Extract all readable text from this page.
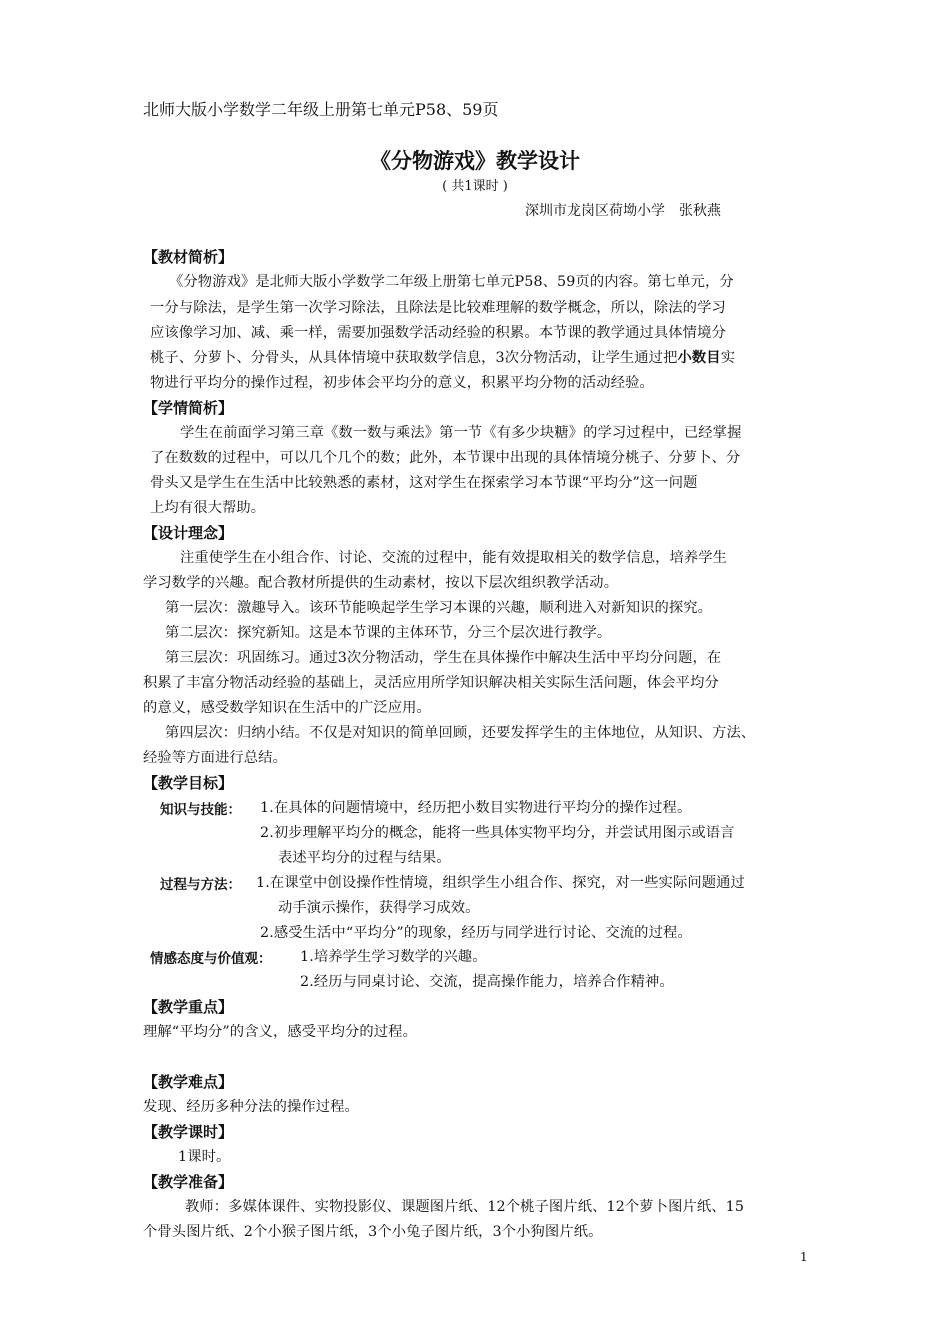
北师大版小学数学二年级上册第七单元P58、59页
《分物游戏》教学设计
( 共1课时 )
深圳市龙岗区荷坳小学　张秋燕
【教材简析】
《分物游戏》是北师大版小学数学二年级上册第七单元P58、59页的内容。第七单元，分
一分与除法，是学生第一次学习除法，且除法是比较难理解的数学概念，所以，除法的学习
应该像学习加、减、乘一样，需要加强数学活动经验的积累。本节课的教学通过具体情境分
桃子、分萝卜、分骨头，从具体情境中获取数学信息，3次分物活动，让学生通过把小数目实
物进行平均分的操作过程，初步体会平均分的意义，积累平均分物的活动经验。
【学情简析】
学生在前面学习第三章《数一数与乘法》第一节《有多少块糖》的学习过程中，已经掌握
了在数数的过程中，可以几个几个的数；此外，本节课中出现的具体情境分桃子、分萝卜、分
骨头又是学生在生活中比较熟悉的素材，这对学生在探索学习本节课“平均分”这一问题
上均有很大帮助。
【设计理念】
注重使学生在小组合作、讨论、交流的过程中，能有效提取相关的数学信息，培养学生
学习数学的兴趣。配合教材所提供的生动素材，按以下层次组织教学活动。
第一层次：激趣导入。该环节能唤起学生学习本课的兴趣，顺利进入对新知识的探究。
第二层次：探究新知。这是本节课的主体环节，分三个层次进行教学。
第三层次：巩固练习。通过3次分物活动，学生在具体操作中解决生活中平均分问题，在
积累了丰富分物活动经验的基础上，灵活应用所学知识解决相关实际生活问题，体会平均分
的意义，感受数学知识在生活中的广泛应用。
第四层次：归纳小结。不仅是对知识的简单回顾，还要发挥学生的主体地位，从知识、方法、
经验等方面进行总结。
【教学目标】
知识与技能： 1.在具体的问题情境中，经历把小数目实物进行平均分的操作过程。
2.初步理解平均分的概念，能将一些具体实物平均分，并尝试用图示或语言
表述平均分的过程与结果。
过程与方法： 1.在课堂中创设操作性情境，组织学生小组合作、探究，对一些实际问题通过
动手演示操作，获得学习成效。
2.感受生活中“平均分”的现象，经历与同学进行讨论、交流的过程。
情感态度与价值观： 1.培养学生学习数学的兴趣。
2.经历与同桌讨论、交流，提高操作能力，培养合作精神。
【教学重点】
理解“平均分”的含义，感受平均分的过程。
【教学难点】
发现、经历多种分法的操作过程。
【教学课时】
1课时。
【教学准备】
教师：多媒体课件、实物投影仪、课题图片纸、12个桃子图片纸、12个萝卜图片纸、15
个骨头图片纸、2个小猴子图片纸，3个小兔子图片纸，3个小狗图片纸。
1
